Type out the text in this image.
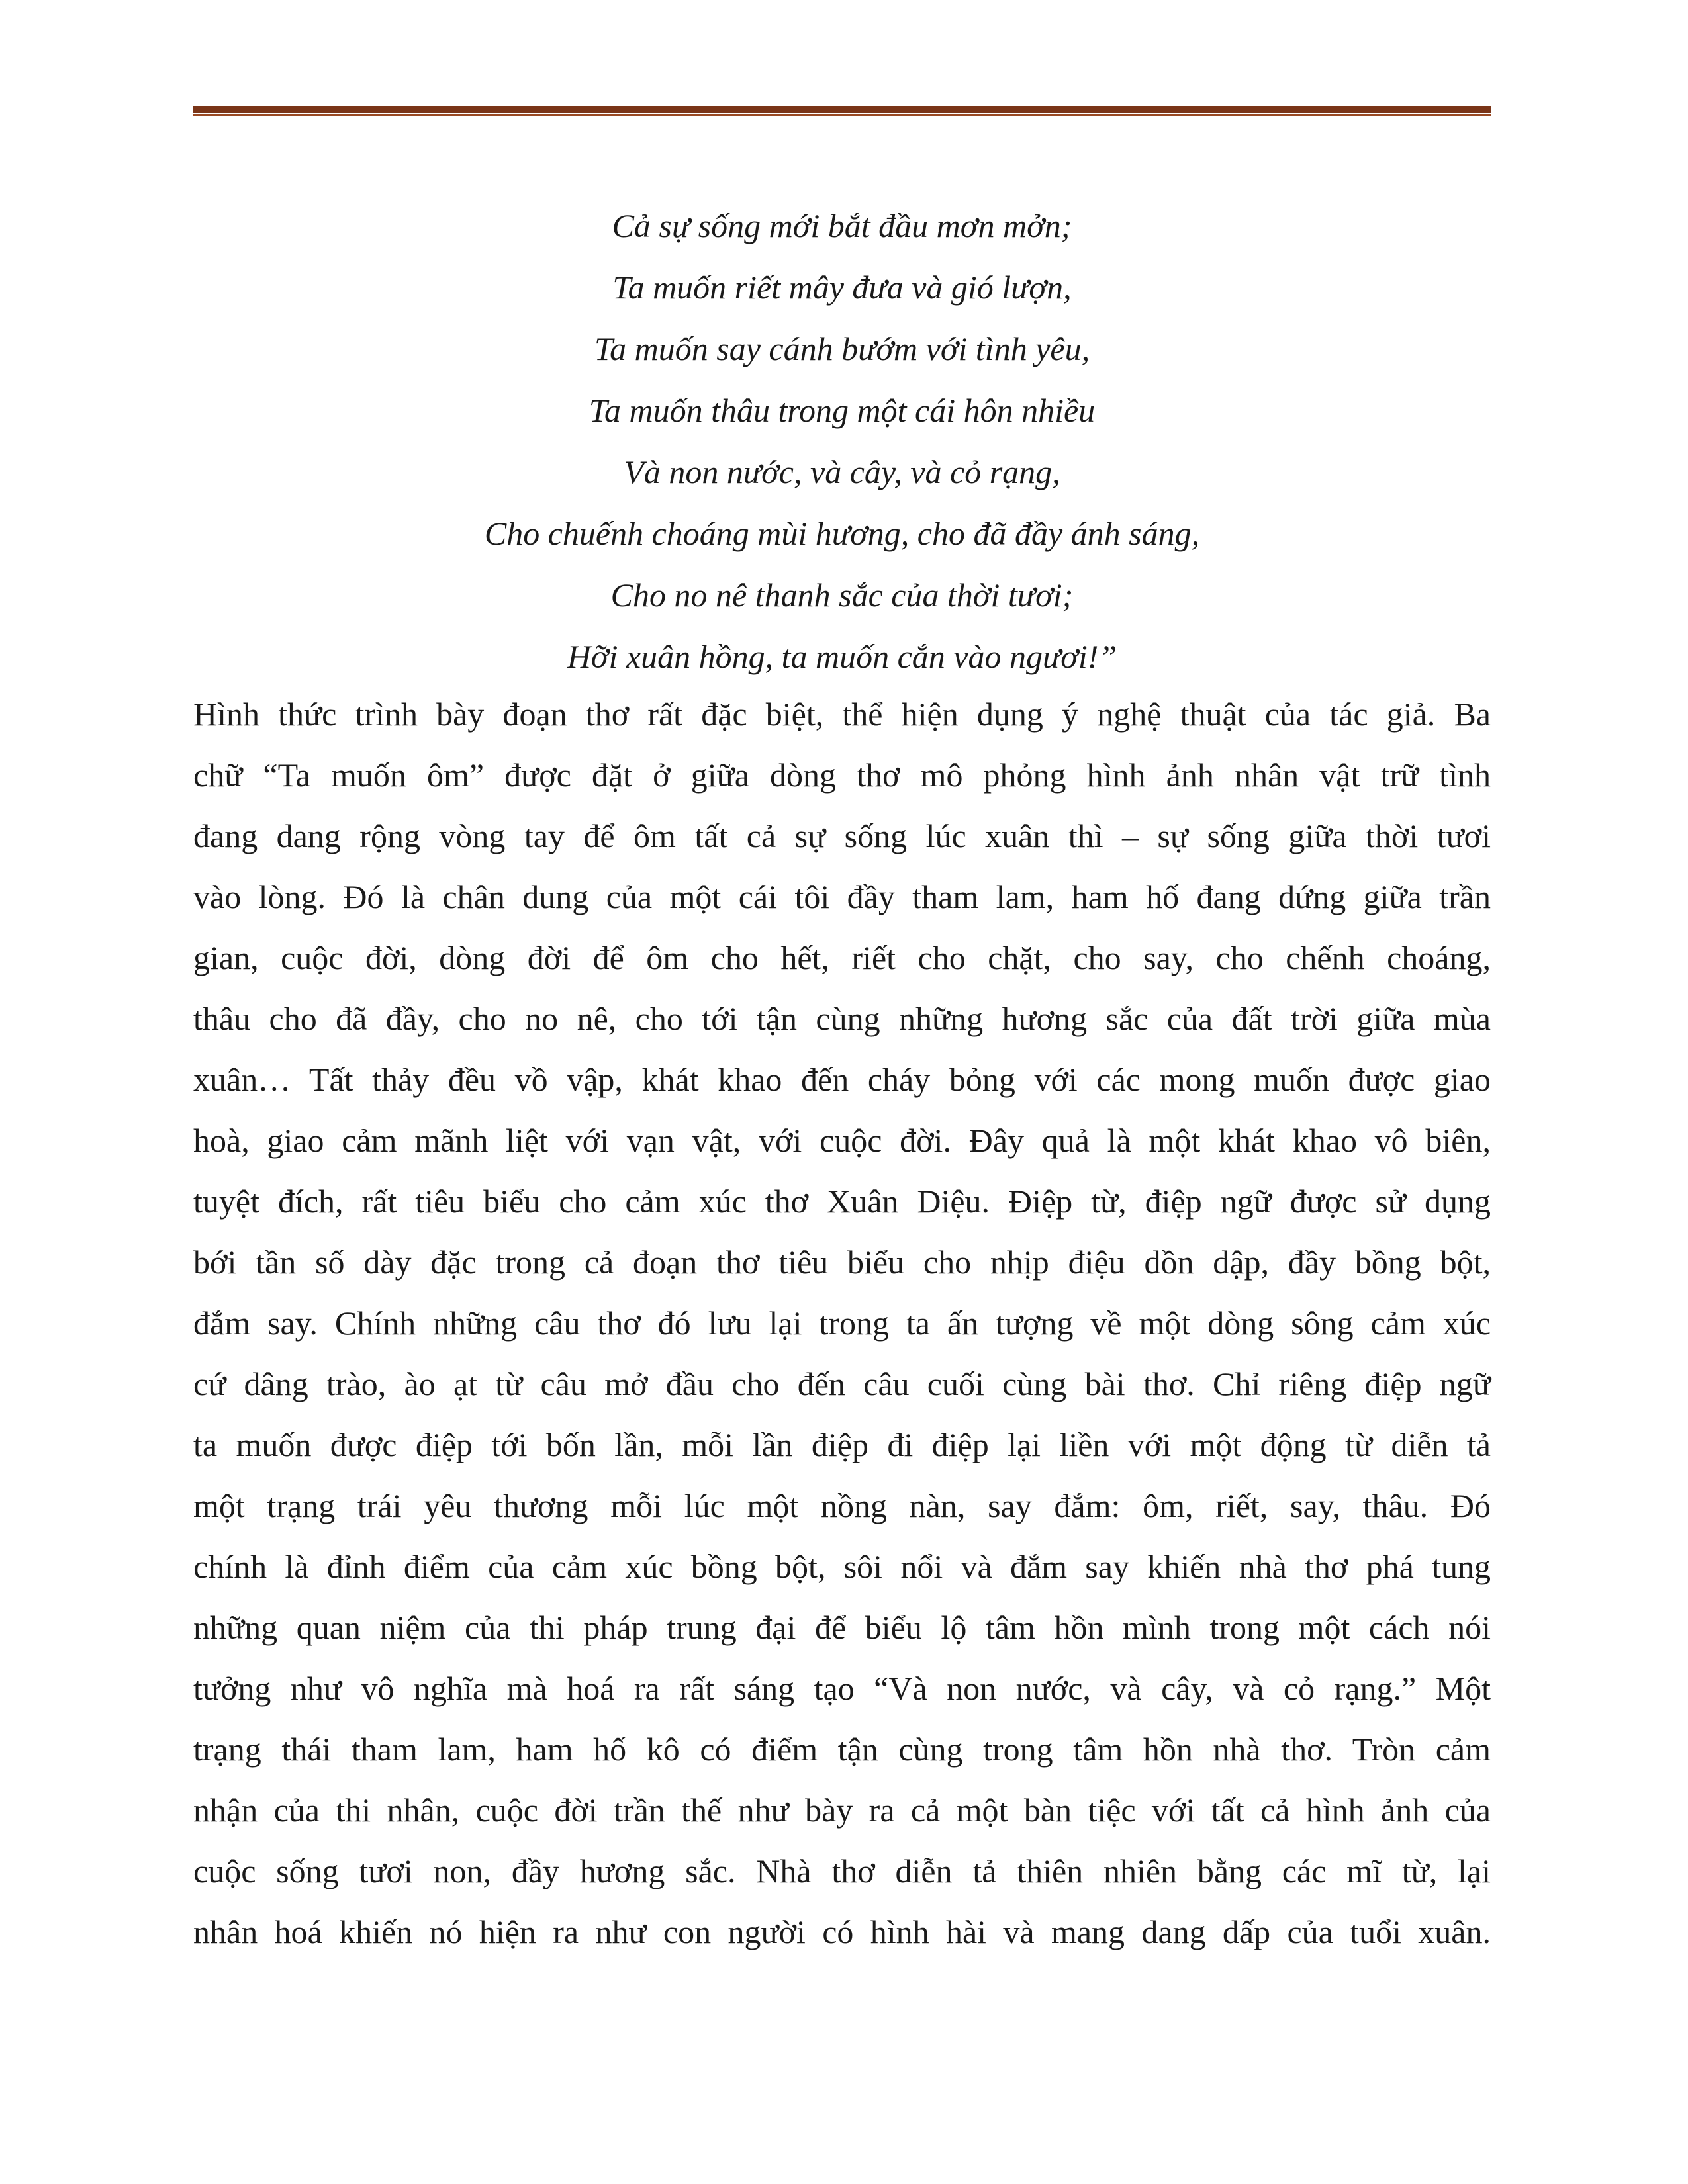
Cả sự sống mới bắt đầu mơn mởn;
Ta muốn riết mây đưa và gió lượn,
Ta muốn say cánh bướm với tình yêu,
Ta muốn thâu trong một cái hôn nhiều
Và non nước, và cây, và cỏ rạng,
Cho chuếnh choáng mùi hương, cho đã đầy ánh sáng,
Cho no nê thanh sắc của thời tươi;
Hỡi xuân hồng, ta muốn cắn vào ngươi!”
Hình thức trình bày đoạn thơ rất đặc biệt, thể hiện dụng ý nghệ thuật của tác giả. Ba
chữ “Ta muốn ôm” được đặt ở giữa dòng thơ mô phỏng hình ảnh nhân vật trữ tình
đang dang rộng vòng tay để ôm tất cả sự sống lúc xuân thì – sự sống giữa thời tươi
vào lòng. Đó là chân dung của một cái tôi đầy tham lam, ham hố đang dứng giữa trần
gian, cuộc đời, dòng đời để ôm cho hết, riết cho chặt, cho say, cho chếnh choáng,
thâu cho đã đầy, cho no nê, cho tới tận cùng những hương sắc của đất trời giữa mùa
xuân… Tất thảy đều vồ vập, khát khao đến cháy bỏng với các mong muốn được giao
hoà, giao cảm mãnh liệt với vạn vật, với cuộc đời. Đây quả là một khát khao vô biên,
tuyệt đích, rất tiêu biểu cho cảm xúc thơ Xuân Diệu. Điệp từ, điệp ngữ được sử dụng
bới tần số dày đặc trong cả đoạn thơ tiêu biểu cho nhịp điệu dồn dập, đầy bồng bột,
đắm say. Chính những câu thơ đó lưu lại trong ta ấn tượng về một dòng sông cảm xúc
cứ dâng trào, ào ạt từ câu mở đầu cho đến câu cuối cùng bài thơ. Chỉ riêng điệp ngữ
ta muốn được điệp tới bốn lần, mỗi lần điệp đi điệp lại liền với một động từ diễn tả
một trạng trái yêu thương mỗi lúc một nồng nàn, say đắm: ôm, riết, say, thâu. Đó
chính là đỉnh điểm của cảm xúc bồng bột, sôi nổi và đắm say khiến nhà thơ phá tung
những quan niệm của thi pháp trung đại để biểu lộ tâm hồn mình trong một cách nói
tưởng như vô nghĩa mà hoá ra rất sáng tạo “Và non nước, và cây, và cỏ rạng.” Một
trạng thái tham lam, ham hố kô có điểm tận cùng trong tâm hồn nhà thơ. Tròn cảm
nhận của thi nhân, cuộc đời trần thế như bày ra cả một bàn tiệc với tất cả hình ảnh của
cuộc sống tươi non, đầy hương sắc. Nhà thơ diễn tả thiên nhiên bằng các mĩ từ, lại
nhân hoá khiến nó hiện ra như con người có hình hài và mang dang dấp của tuổi xuân.
